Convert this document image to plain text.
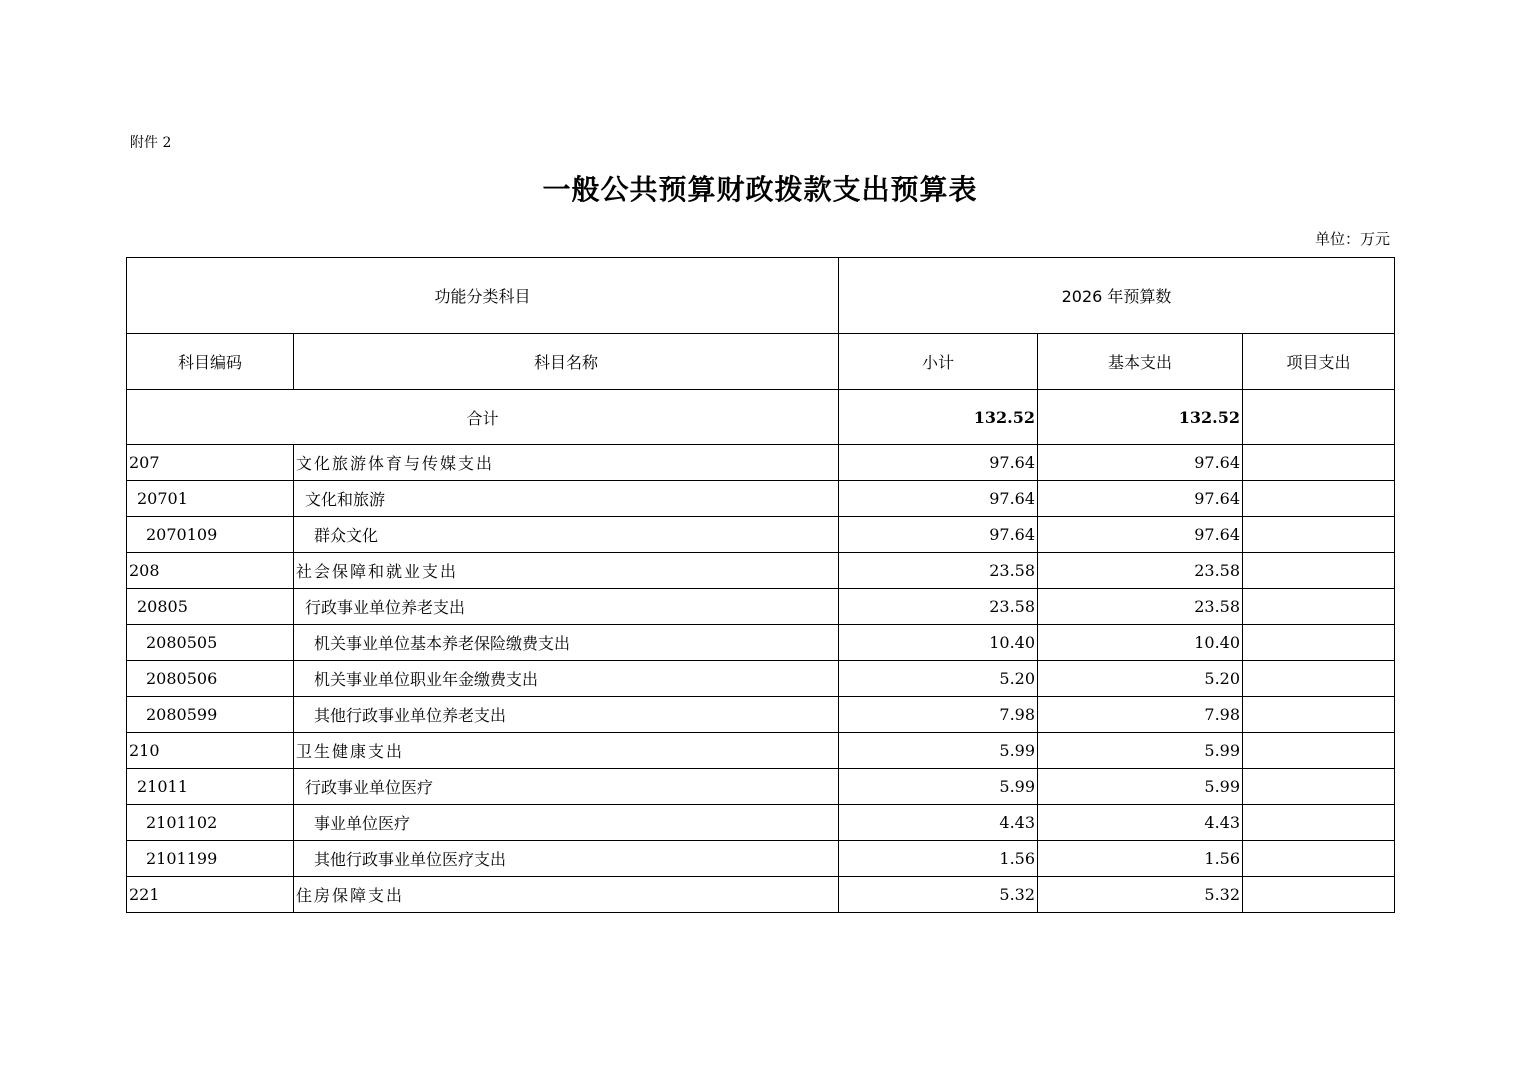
附件 2
一般公共预算财政拨款支出预算表
单位：万元
功能分类科目		2026 年预算数		
科目编码	科目名称	小计	基本支出	项目支出
合计		132.52	132.52	
207	文化旅游体育与传媒支出	97.64	97.64	
20701	文化和旅游	97.64	97.64	
2070109	群众文化	97.64	97.64	
208	社会保障和就业支出	23.58	23.58	
20805	行政事业单位养老支出	23.58	23.58	
2080505	机关事业单位基本养老保险缴费支出	10.40	10.40	
2080506	机关事业单位职业年金缴费支出	5.20	5.20	
2080599	其他行政事业单位养老支出	7.98	7.98	
210	卫生健康支出	5.99	5.99	
21011	行政事业单位医疗	5.99	5.99	
2101102	事业单位医疗	4.43	4.43	
2101199	其他行政事业单位医疗支出	1.56	1.56	
221	住房保障支出	5.32	5.32	
